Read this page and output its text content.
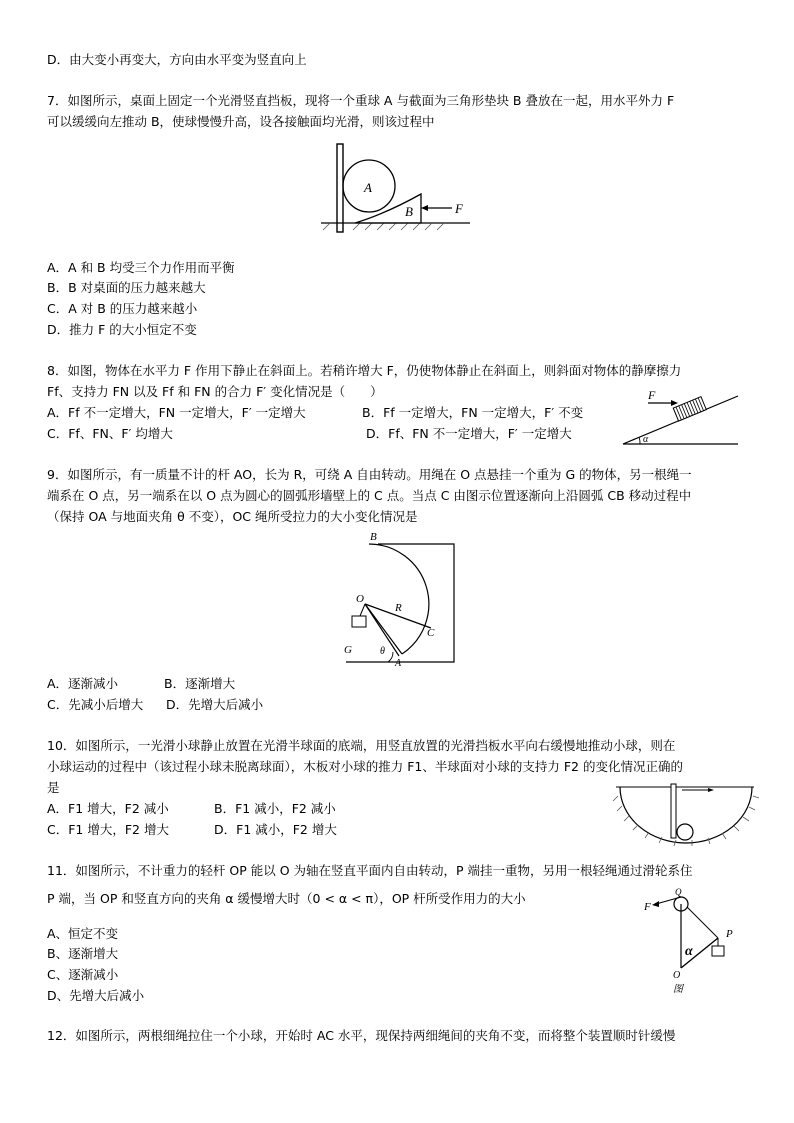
D．由大变小再变大，方向由水平变为竖直向上
7．如图所示，桌面上固定一个光滑竖直挡板，现将一个重球 A 与截面为三角形垫块 B 叠放在一起，用水平外力 F
可以缓缓向左推动 B，使球慢慢升高，设各接触面均光滑，则该过程中
A
B	F
A．A 和 B 均受三个力作用而平衡
B．B 对桌面的压力越来越大
C．A 对 B 的压力越来越小
D．推力 F 的大小恒定不变
8．如图，物体在水平力 F 作用下静止在斜面上。若稍许增大 F，仍使物体静止在斜面上，则斜面对物体的静摩擦力
Ff、支持力 FN 以及 Ff 和 FN 的合力 F′ 变化情况是（　　）
A．Ff 不一定增大，FN 一定增大，F′ 一定增大	B．Ff 一定增大，FN 一定增大，F′ 不变
C．Ff、FN、F′ 均增大	D．Ff、FN 不一定增大，F′ 一定增大
F
α
9．如图所示，有一质量不计的杆 AO，长为 R，可绕 A 自由转动。用绳在 O 点悬挂一个重为 G 的物体，另一根绳一
端系在 O 点，另一端系在以 O 点为圆心的圆弧形墙壁上的 C 点。当点 C 由图示位置逐渐向上沿圆弧 CB 移动过程中
（保持 OA 与地面夹角 θ 不变），OC 绳所受拉力的大小变化情况是
B
O
R
C
G	θ
A
A．逐渐减小	B．逐渐增大
C．先减小后增大 D．先增大后减小
10．如图所示，一光滑小球静止放置在光滑半球面的底端，用竖直放置的光滑挡板水平向右缓慢地推动小球，则在
小球运动的过程中（该过程小球未脱离球面），木板对小球的推力 F1、半球面对小球的支持力 F2 的变化情况正确的
是
A．F1 增大，F2 减小	B．F1 减小，F2 减小
C．F1 增大，F2 增大	D．F1 减小，F2 增大
11．如图所示，不计重力的轻杆 OP 能以 O 为轴在竖直平面内自由转动，P 端挂一重物，另用一根轻绳通过滑轮系住
P 端，当 OP 和竖直方向的夹角 α 缓慢增大时（0 < α < π），OP 杆所受作用力的大小
A、恒定不变
B、逐渐增大
C、逐渐减小
D、先增大后减小
F
Q
P
α
O
图
12．如图所示，两根细绳拉住一个小球，开始时 AC 水平，现保持两细绳间的夹角不变，而将整个装置顺时针缓慢
